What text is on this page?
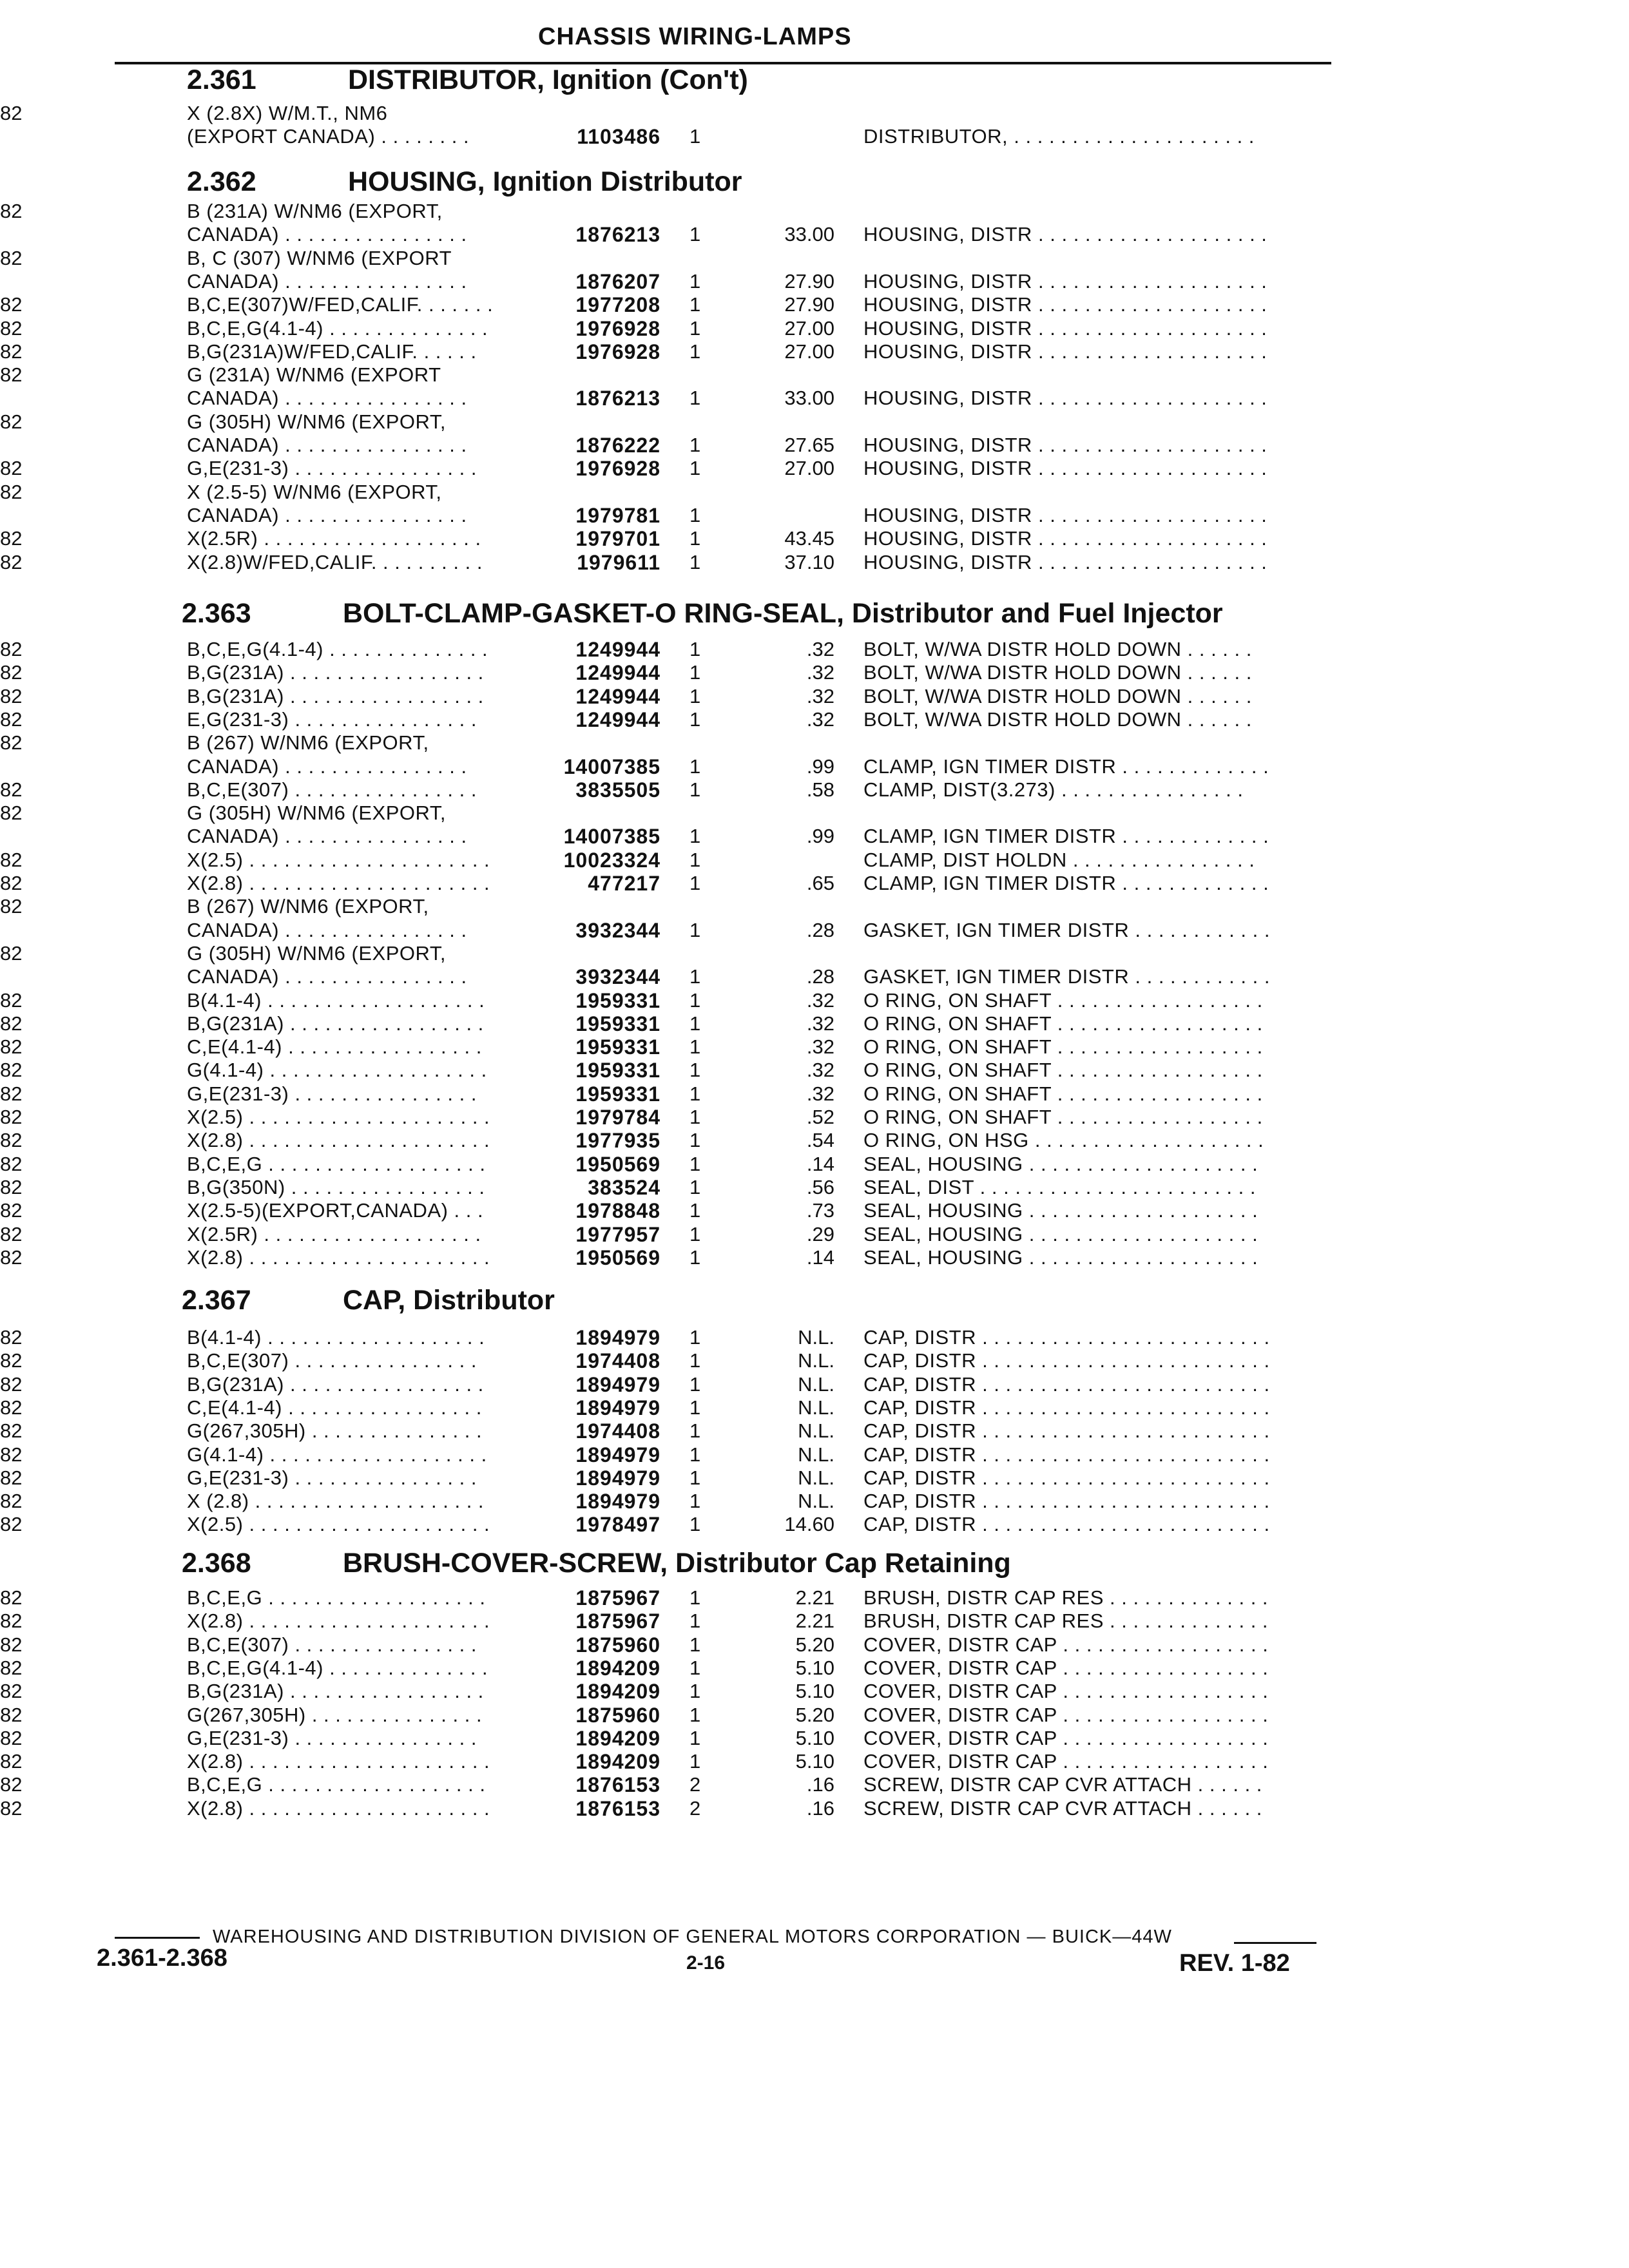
CHASSIS WIRING-LAMPS
2.361	DISTRIBUTOR, Ignition (Con't)
82	X (2.8X) W/M.T., NM6
(EXPORT CANADA) . . . . . . . .	1103486 1	DISTRIBUTOR, . . . . . . . . . . . . . . . . . . . . .
2.362	HOUSING, Ignition Distributor
82	B (231A) W/NM6 (EXPORT,
CANADA) . . . . . . . . . . . . . . . .	1876213 1	33.00 HOUSING, DISTR . . . . . . . . . . . . . . . . . . . .
82	B, C (307) W/NM6 (EXPORT
CANADA) . . . . . . . . . . . . . . . .	1876207 1	27.90 HOUSING, DISTR . . . . . . . . . . . . . . . . . . . .
82	B,C,E(307)W/FED,CALIF. . . . . . .	1977208 1	27.90 HOUSING, DISTR . . . . . . . . . . . . . . . . . . . .
82	B,C,E,G(4.1-4) . . . . . . . . . . . . . .	1976928 1	27.00 HOUSING, DISTR . . . . . . . . . . . . . . . . . . . .
82	B,G(231A)W/FED,CALIF. . . . . .	1976928 1	27.00 HOUSING, DISTR . . . . . . . . . . . . . . . . . . . .
82	G (231A) W/NM6 (EXPORT
CANADA) . . . . . . . . . . . . . . . .	1876213 1	33.00 HOUSING, DISTR . . . . . . . . . . . . . . . . . . . .
82	G (305H) W/NM6 (EXPORT,
CANADA) . . . . . . . . . . . . . . . .	1876222 1	27.65 HOUSING, DISTR . . . . . . . . . . . . . . . . . . . .
82	G,E(231-3) . . . . . . . . . . . . . . . .	1976928 1	27.00 HOUSING, DISTR . . . . . . . . . . . . . . . . . . . .
82	X (2.5-5) W/NM6 (EXPORT,
CANADA) . . . . . . . . . . . . . . . .	1979781 1	HOUSING, DISTR . . . . . . . . . . . . . . . . . . . .
82	X(2.5R) . . . . . . . . . . . . . . . . . . .	1979701 1	43.45 HOUSING, DISTR . . . . . . . . . . . . . . . . . . . .
82	X(2.8)W/FED,CALIF. . . . . . . . . .	1979611 1	37.10 HOUSING, DISTR . . . . . . . . . . . . . . . . . . . .
2.363	BOLT-CLAMP-GASKET-O RING-SEAL, Distributor and Fuel Injector
82	B,C,E,G(4.1-4) . . . . . . . . . . . . . .	1249944 1	.32 BOLT, W/WA DISTR HOLD DOWN . . . . . .
82	B,G(231A) . . . . . . . . . . . . . . . . .	1249944 1	.32 BOLT, W/WA DISTR HOLD DOWN . . . . . .
82	B,G(231A) . . . . . . . . . . . . . . . . .	1249944 1	.32 BOLT, W/WA DISTR HOLD DOWN . . . . . .
82	E,G(231-3) . . . . . . . . . . . . . . . .	1249944 1	.32 BOLT, W/WA DISTR HOLD DOWN . . . . . .
82	B (267) W/NM6 (EXPORT,
CANADA) . . . . . . . . . . . . . . . .	14007385 1	.99 CLAMP, IGN TIMER DISTR . . . . . . . . . . . . .
82	B,C,E(307) . . . . . . . . . . . . . . . .	3835505 1	.58 CLAMP, DIST(3.273) . . . . . . . . . . . . . . . .
82	G (305H) W/NM6 (EXPORT,
CANADA) . . . . . . . . . . . . . . . .	14007385 1	.99 CLAMP, IGN TIMER DISTR . . . . . . . . . . . . .
82	X(2.5) . . . . . . . . . . . . . . . . . . . . .	10023324 1	CLAMP, DIST HOLDN . . . . . . . . . . . . . . . .
82	X(2.8) . . . . . . . . . . . . . . . . . . . . .	477217 1	.65 CLAMP, IGN TIMER DISTR . . . . . . . . . . . . .
82	B (267) W/NM6 (EXPORT,
CANADA) . . . . . . . . . . . . . . . .	3932344 1	.28 GASKET, IGN TIMER DISTR . . . . . . . . . . . .
82	G (305H) W/NM6 (EXPORT,
CANADA) . . . . . . . . . . . . . . . .	3932344 1	.28 GASKET, IGN TIMER DISTR . . . . . . . . . . . .
82	B(4.1-4) . . . . . . . . . . . . . . . . . . .	1959331 1	.32 O RING, ON SHAFT . . . . . . . . . . . . . . . . . .
82	B,G(231A) . . . . . . . . . . . . . . . . .	1959331 1	.32 O RING, ON SHAFT . . . . . . . . . . . . . . . . . .
82	C,E(4.1-4) . . . . . . . . . . . . . . . . .	1959331 1	.32 O RING, ON SHAFT . . . . . . . . . . . . . . . . . .
82	G(4.1-4) . . . . . . . . . . . . . . . . . . .	1959331 1	.32 O RING, ON SHAFT . . . . . . . . . . . . . . . . . .
82	G,E(231-3) . . . . . . . . . . . . . . . .	1959331 1	.32 O RING, ON SHAFT . . . . . . . . . . . . . . . . . .
82	X(2.5) . . . . . . . . . . . . . . . . . . . . .	1979784 1	.52 O RING, ON SHAFT . . . . . . . . . . . . . . . . . .
82	X(2.8) . . . . . . . . . . . . . . . . . . . . .	1977935 1	.54 O RING, ON HSG . . . . . . . . . . . . . . . . . . . .
82	B,C,E,G . . . . . . . . . . . . . . . . . . .	1950569 1	.14 SEAL, HOUSING . . . . . . . . . . . . . . . . . . . .
82	B,G(350N) . . . . . . . . . . . . . . . . .	383524 1	.56 SEAL, DIST . . . . . . . . . . . . . . . . . . . . . . . .
82	X(2.5-5)(EXPORT,CANADA) . . .	1978848 1	.73 SEAL, HOUSING . . . . . . . . . . . . . . . . . . . .
82	X(2.5R) . . . . . . . . . . . . . . . . . . .	1977957 1	.29 SEAL, HOUSING . . . . . . . . . . . . . . . . . . . .
82	X(2.8) . . . . . . . . . . . . . . . . . . . . .	1950569 1	.14 SEAL, HOUSING . . . . . . . . . . . . . . . . . . . .
2.367	CAP, Distributor
82	B(4.1-4) . . . . . . . . . . . . . . . . . . .	1894979 1	N.L. CAP, DISTR . . . . . . . . . . . . . . . . . . . . . . . . .
82	B,C,E(307) . . . . . . . . . . . . . . . .	1974408 1	N.L. CAP, DISTR . . . . . . . . . . . . . . . . . . . . . . . . .
82	B,G(231A) . . . . . . . . . . . . . . . . .	1894979 1	N.L. CAP, DISTR . . . . . . . . . . . . . . . . . . . . . . . . .
82	C,E(4.1-4) . . . . . . . . . . . . . . . . .	1894979 1	N.L. CAP, DISTR . . . . . . . . . . . . . . . . . . . . . . . . .
82	G(267,305H) . . . . . . . . . . . . . . .	1974408 1	N.L. CAP, DISTR . . . . . . . . . . . . . . . . . . . . . . . . .
82	G(4.1-4) . . . . . . . . . . . . . . . . . . .	1894979 1	N.L. CAP, DISTR . . . . . . . . . . . . . . . . . . . . . . . . .
82	G,E(231-3) . . . . . . . . . . . . . . . .	1894979 1	N.L. CAP, DISTR . . . . . . . . . . . . . . . . . . . . . . . . .
82	X (2.8) . . . . . . . . . . . . . . . . . . . .	1894979 1	N.L. CAP, DISTR . . . . . . . . . . . . . . . . . . . . . . . . .
82	X(2.5) . . . . . . . . . . . . . . . . . . . . .	1978497 1	14.60 CAP, DISTR . . . . . . . . . . . . . . . . . . . . . . . . .
2.368	BRUSH-COVER-SCREW, Distributor Cap Retaining
82	B,C,E,G . . . . . . . . . . . . . . . . . . .	1875967 1	2.21 BRUSH, DISTR CAP RES . . . . . . . . . . . . . .
82	X(2.8) . . . . . . . . . . . . . . . . . . . . .	1875967 1	2.21 BRUSH, DISTR CAP RES . . . . . . . . . . . . . .
82	B,C,E(307) . . . . . . . . . . . . . . . .	1875960 1	5.20 COVER, DISTR CAP . . . . . . . . . . . . . . . . . .
82	B,C,E,G(4.1-4) . . . . . . . . . . . . . .	1894209 1	5.10 COVER, DISTR CAP . . . . . . . . . . . . . . . . . .
82	B,G(231A) . . . . . . . . . . . . . . . . .	1894209 1	5.10 COVER, DISTR CAP . . . . . . . . . . . . . . . . . .
82	G(267,305H) . . . . . . . . . . . . . . .	1875960 1	5.20 COVER, DISTR CAP . . . . . . . . . . . . . . . . . .
82	G,E(231-3) . . . . . . . . . . . . . . . .	1894209 1	5.10 COVER, DISTR CAP . . . . . . . . . . . . . . . . . .
82	X(2.8) . . . . . . . . . . . . . . . . . . . . .	1894209 1	5.10 COVER, DISTR CAP . . . . . . . . . . . . . . . . . .
82	B,C,E,G . . . . . . . . . . . . . . . . . . .	1876153 2	.16 SCREW, DISTR CAP CVR ATTACH . . . . . .
82	X(2.8) . . . . . . . . . . . . . . . . . . . . .	1876153 2	.16 SCREW, DISTR CAP CVR ATTACH . . . . . .
WAREHOUSING AND DISTRIBUTION DIVISION OF GENERAL MOTORS CORPORATION — BUICK—44W
2.361-2.368	2-16	REV. 1-82
